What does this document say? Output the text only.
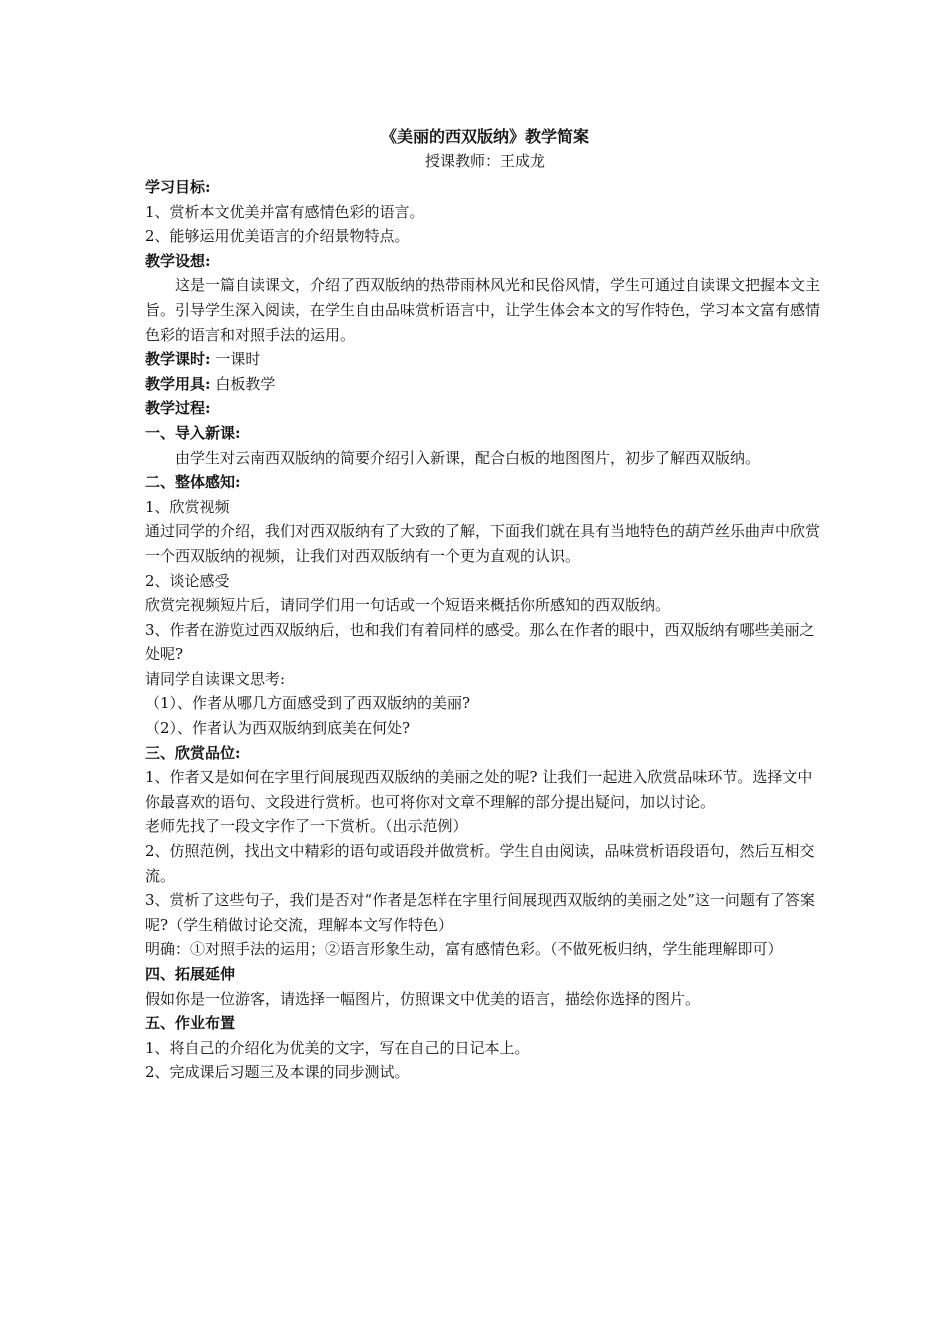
《美丽的西双版纳》教学简案

授课教师：王成龙

学习目标:

1、赏析本文优美并富有感情色彩的语言。

2、能够运用优美语言的介绍景物特点。

教学设想:

这是一篇自读课文，介绍了西双版纳的热带雨林风光和民俗风情，学生可通过自读课文把握本文主旨。引导学生深入阅读，在学生自由品味赏析语言中，让学生体会本文的写作特色，学习本文富有感情色彩的语言和对照手法的运用。

教学课时: 一课时

教学用具: 白板教学

教学过程:

一、导入新课:

由学生对云南西双版纳的简要介绍引入新课，配合白板的地图图片，初步了解西双版纳。

二、整体感知:

1、欣赏视频

通过同学的介绍，我们对西双版纳有了大致的了解，下面我们就在具有当地特色的葫芦丝乐曲声中欣赏一个西双版纳的视频，让我们对西双版纳有一个更为直观的认识。

2、谈论感受

欣赏完视频短片后，请同学们用一句话或一个短语来概括你所感知的西双版纳。

3、作者在游览过西双版纳后，也和我们有着同样的感受。那么在作者的眼中，西双版纳有哪些美丽之处呢?

请同学自读课文思考:

（1）、作者从哪几方面感受到了西双版纳的美丽?

（2）、作者认为西双版纳到底美在何处?

三、欣赏品位:

1、作者又是如何在字里行间展现西双版纳的美丽之处的呢? 让我们一起进入欣赏品味环节。选择文中你最喜欢的语句、文段进行赏析。也可将你对文章不理解的部分提出疑问，加以讨论。

老师先找了一段文字作了一下赏析。（出示范例）

2、仿照范例，找出文中精彩的语句或语段并做赏析。学生自由阅读，品味赏析语段语句，然后互相交流。

3、赏析了这些句子，我们是否对“作者是怎样在字里行间展现西双版纳的美丽之处”这一问题有了答案呢?（学生稍做讨论交流，理解本文写作特色）

明确：①对照手法的运用；②语言形象生动，富有感情色彩。（不做死板归纳，学生能理解即可）

四、拓展延伸

假如你是一位游客，请选择一幅图片，仿照课文中优美的语言，描绘你选择的图片。

五、作业布置

1、将自己的介绍化为优美的文字，写在自己的日记本上。

2、完成课后习题三及本课的同步测试。
